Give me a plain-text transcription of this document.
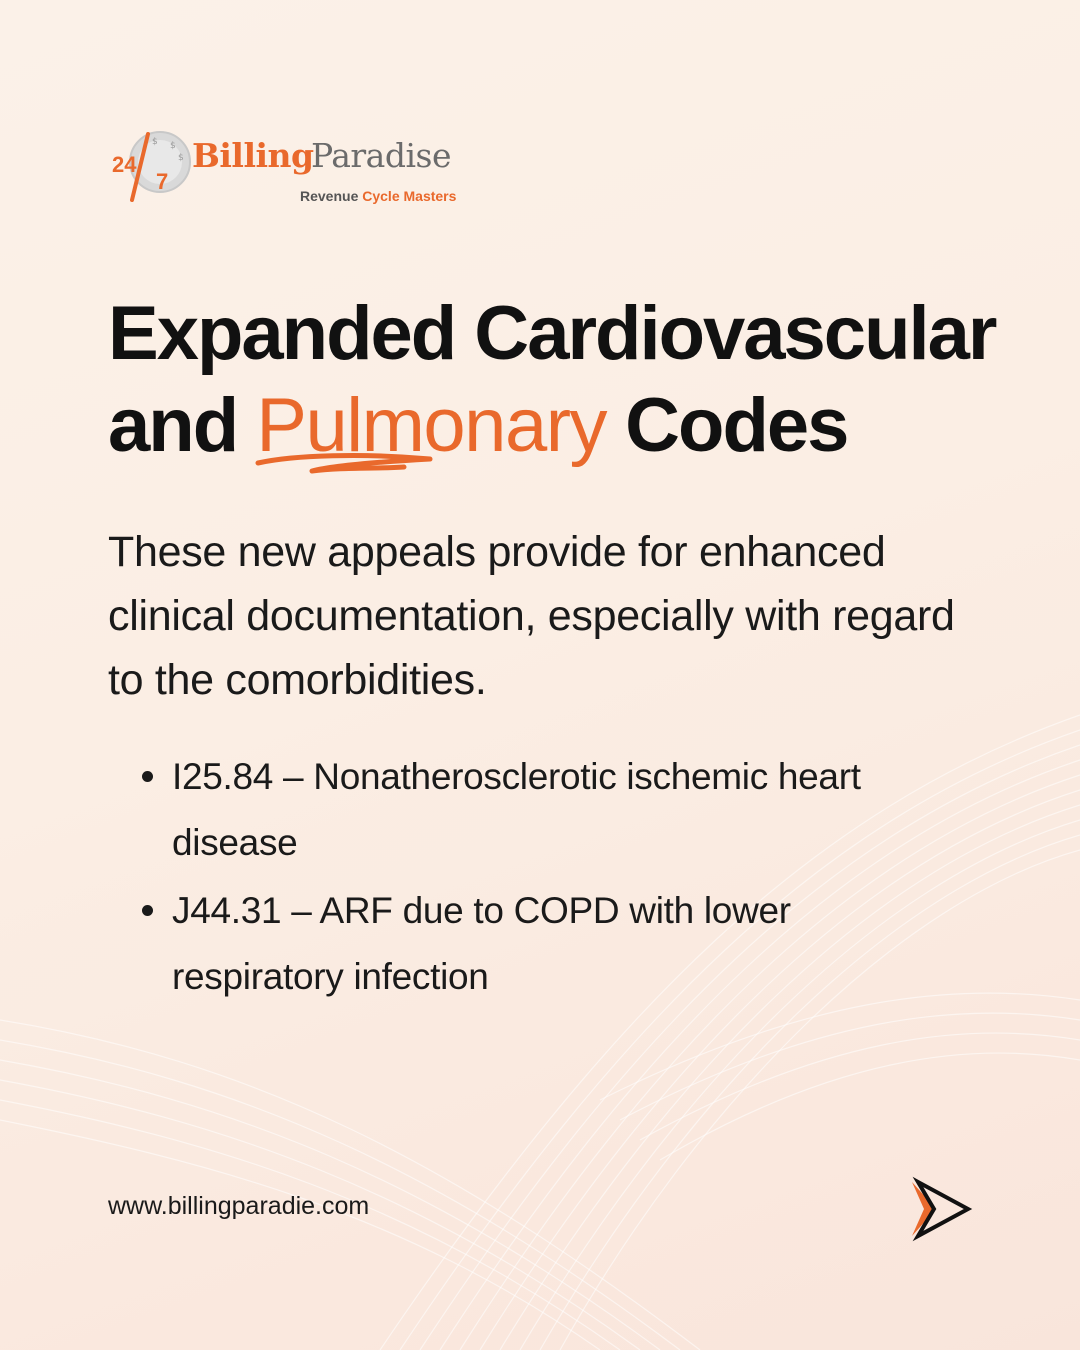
$
$
$
24
7
Billing
Paradise
Revenue Cycle Masters
Expanded Cardiovascular
and Pulmonary Codes

These new appeals provide for enhanced clinical documentation, especially with regard to the comorbidities.

I25.84 – Nonatherosclerotic ischemic heart disease
J44.31 – ARF due to COPD with lower respiratory infection
www.billingparadie.com
